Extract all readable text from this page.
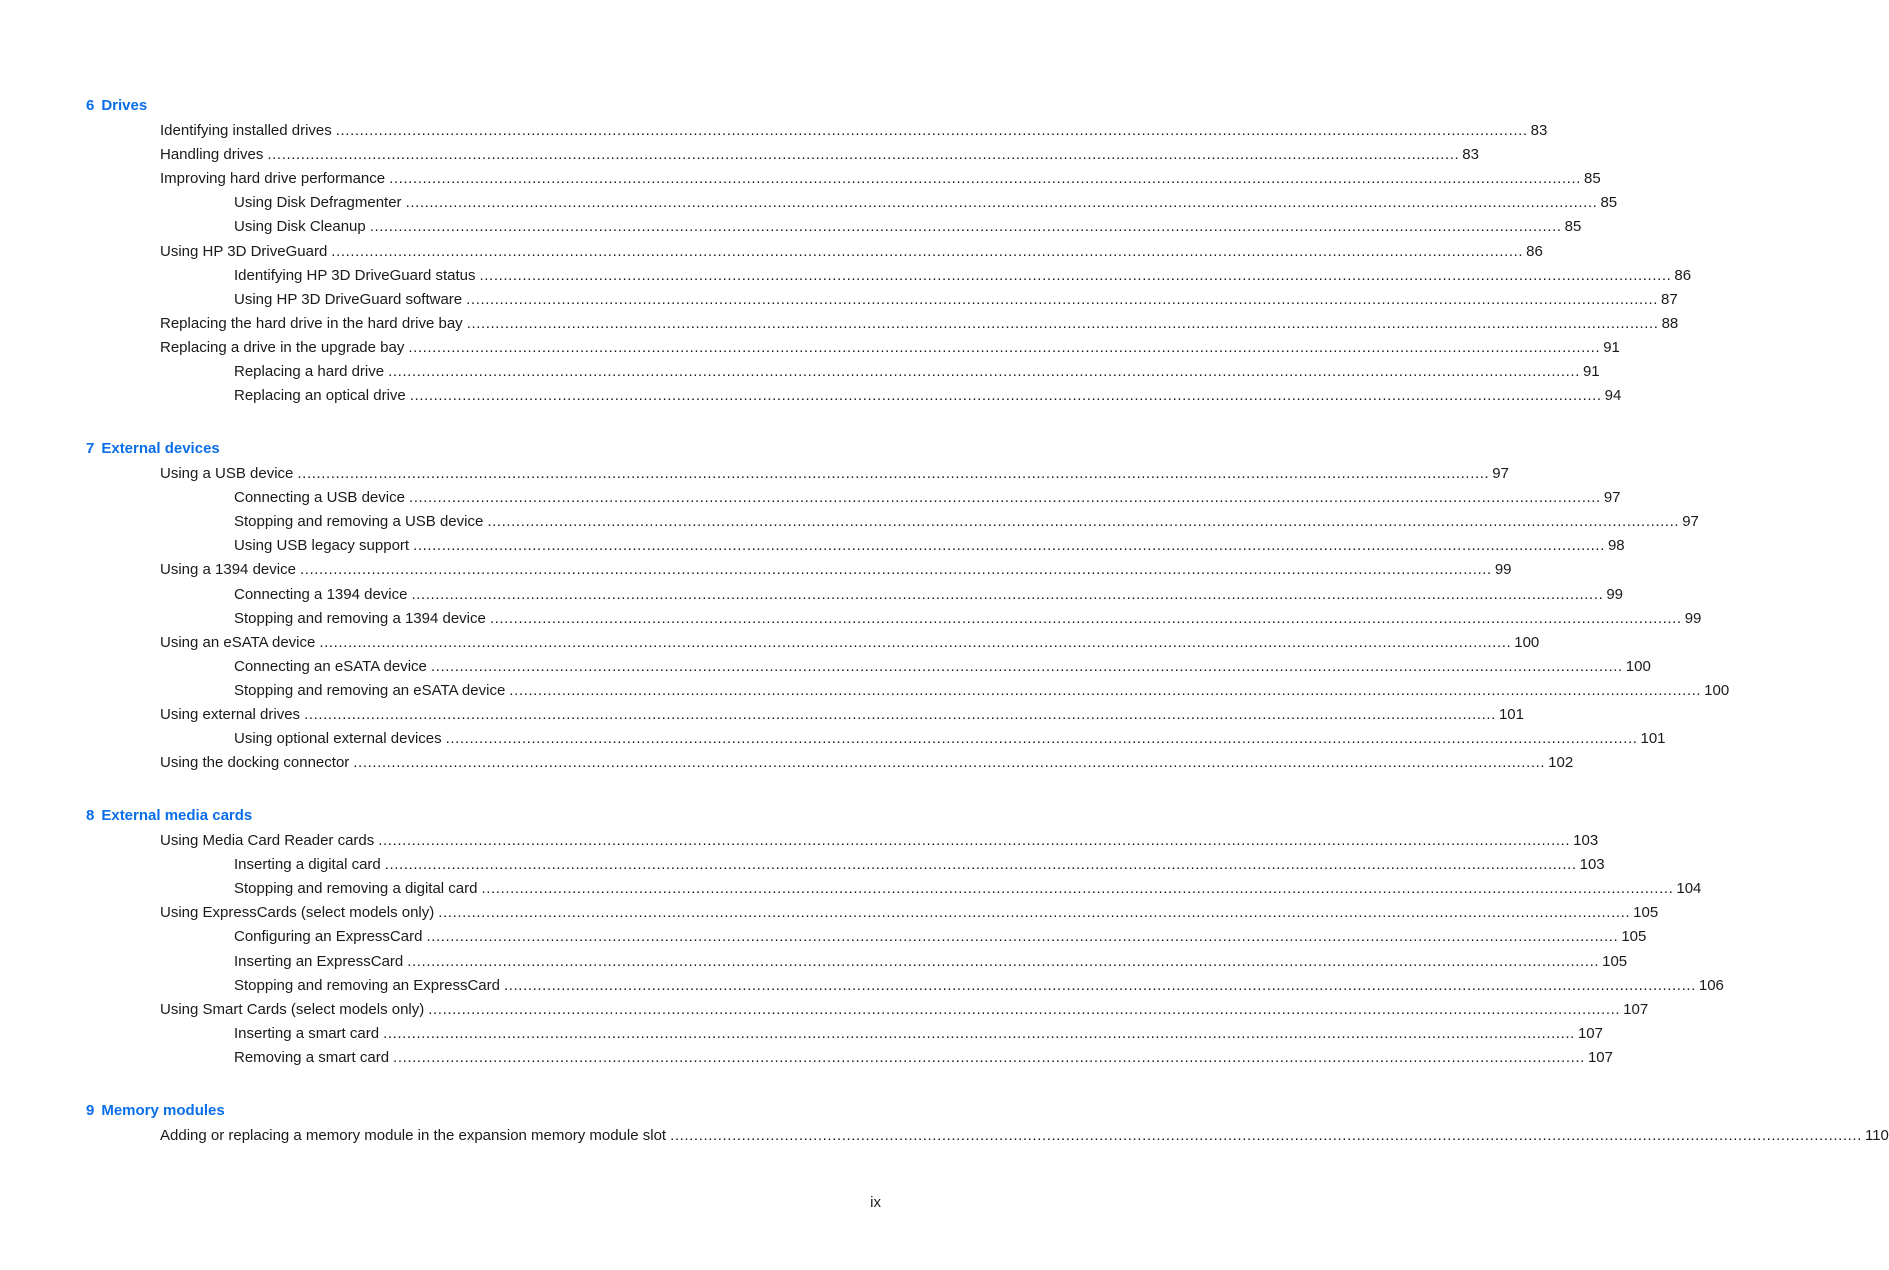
6 Drives
Identifying installed drives .......................................................................................................................................................................................................................................................... 83
Handling drives .......................................................................................................................................................................................................................................................... 83
Improving hard drive performance .......................................................................................................................................................................................................................................................... 85
Using Disk Defragmenter .......................................................................................................................................................................................................................................................... 85
Using Disk Cleanup .......................................................................................................................................................................................................................................................... 85
Using HP 3D DriveGuard .......................................................................................................................................................................................................................................................... 86
Identifying HP 3D DriveGuard status .......................................................................................................................................................................................................................................................... 86
Using HP 3D DriveGuard software .......................................................................................................................................................................................................................................................... 87
Replacing the hard drive in the hard drive bay .......................................................................................................................................................................................................................................................... 88
Replacing a drive in the upgrade bay .......................................................................................................................................................................................................................................................... 91
Replacing a hard drive .......................................................................................................................................................................................................................................................... 91
Replacing an optical drive .......................................................................................................................................................................................................................................................... 94
7 External devices
Using a USB device .......................................................................................................................................................................................................................................................... 97
Connecting a USB device .......................................................................................................................................................................................................................................................... 97
Stopping and removing a USB device .......................................................................................................................................................................................................................................................... 97
Using USB legacy support .......................................................................................................................................................................................................................................................... 98
Using a 1394 device .......................................................................................................................................................................................................................................................... 99
Connecting a 1394 device .......................................................................................................................................................................................................................................................... 99
Stopping and removing a 1394 device .......................................................................................................................................................................................................................................................... 99
Using an eSATA device .......................................................................................................................................................................................................................................................... 100
Connecting an eSATA device .......................................................................................................................................................................................................................................................... 100
Stopping and removing an eSATA device .......................................................................................................................................................................................................................................................... 100
Using external drives .......................................................................................................................................................................................................................................................... 101
Using optional external devices .......................................................................................................................................................................................................................................................... 101
Using the docking connector .......................................................................................................................................................................................................................................................... 102
8 External media cards
Using Media Card Reader cards .......................................................................................................................................................................................................................................................... 103
Inserting a digital card .......................................................................................................................................................................................................................................................... 103
Stopping and removing a digital card .......................................................................................................................................................................................................................................................... 104
Using ExpressCards (select models only) .......................................................................................................................................................................................................................................................... 105
Configuring an ExpressCard .......................................................................................................................................................................................................................................................... 105
Inserting an ExpressCard .......................................................................................................................................................................................................................................................... 105
Stopping and removing an ExpressCard .......................................................................................................................................................................................................................................................... 106
Using Smart Cards (select models only) .......................................................................................................................................................................................................................................................... 107
Inserting a smart card .......................................................................................................................................................................................................................................................... 107
Removing a smart card .......................................................................................................................................................................................................................................................... 107
9 Memory modules
Adding or replacing a memory module in the expansion memory module slot .......................................................................................................................................................................................................................................................... 110
ix
